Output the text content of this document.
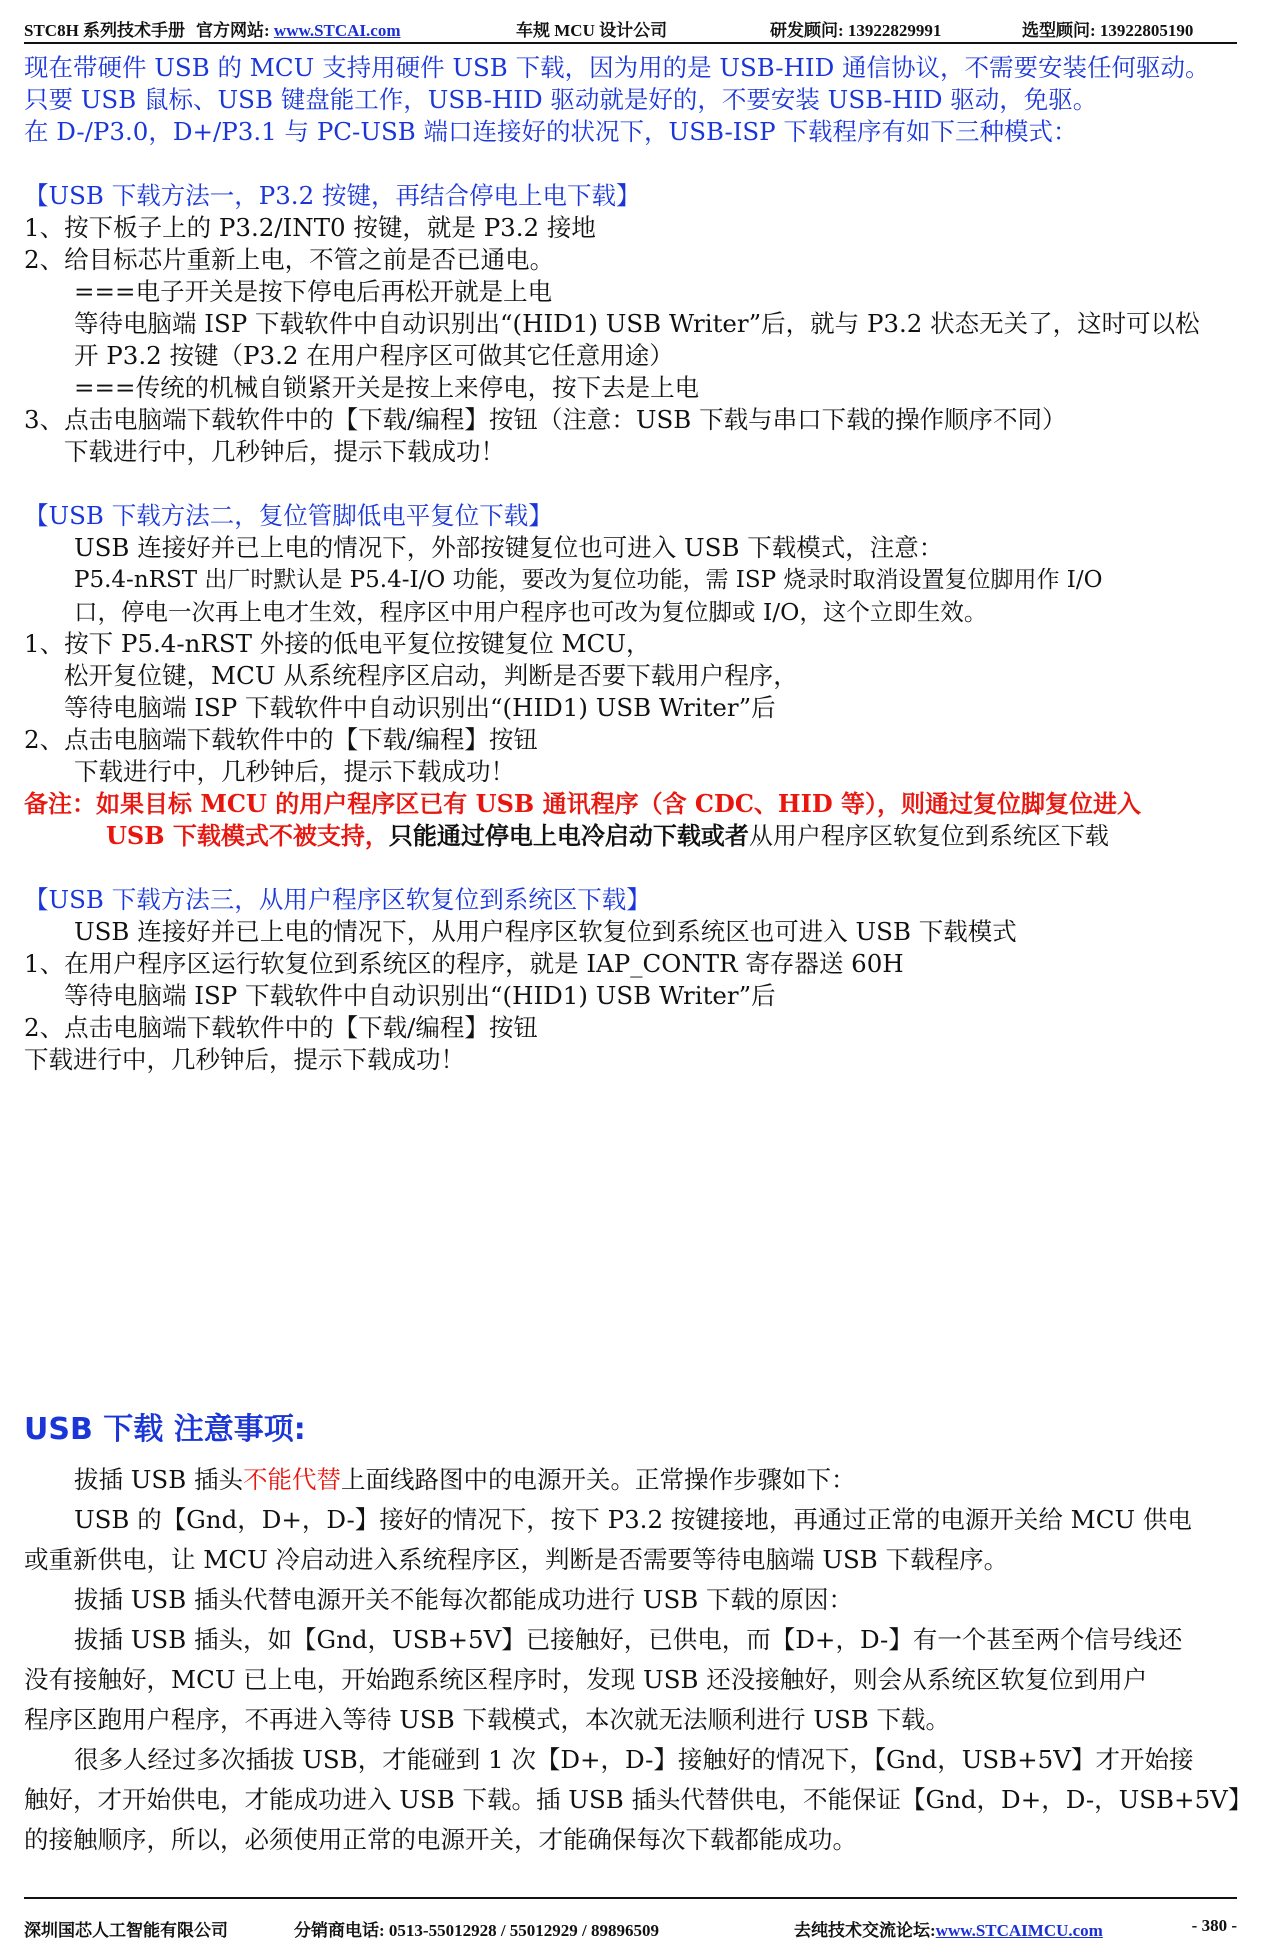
STC8H 系列技术手册 官方网站: www.STCAI.com	车规 MCU 设计公司	研发顾问: 13922829991	选型顾问: 13922805190
现在带硬件 USB 的 MCU 支持用硬件 USB 下载，因为用的是 USB-HID 通信协议，不需要安装任何驱动。
只要 USB 鼠标、USB 键盘能工作，USB-HID 驱动就是好的，不要安装 USB-HID 驱动，免驱。
在 D-/P3.0，D+/P3.1 与 PC-USB 端口连接好的状况下，USB-ISP 下载程序有如下三种模式：
【USB 下载方法一，P3.2 按键，再结合停电上电下载】
1、按下板子上的 P3.2/INT0 按键，就是 P3.2 接地
2、给目标芯片重新上电，不管之前是否已通电。
===电子开关是按下停电后再松开就是上电
等待电脑端 ISP 下载软件中自动识别出“(HID1) USB Writer”后，就与 P3.2 状态无关了，这时可以松
开 P3.2 按键（P3.2 在用户程序区可做其它任意用途）
===传统的机械自锁紧开关是按上来停电，按下去是上电
3、点击电脑端下载软件中的【下载/编程】按钮（注意：USB 下载与串口下载的操作顺序不同）
下载进行中，几秒钟后，提示下载成功！
【USB 下载方法二，复位管脚低电平复位下载】
USB 连接好并已上电的情况下，外部按键复位也可进入 USB 下载模式，注意：
P5.4-nRST 出厂时默认是 P5.4-I/O 功能，要改为复位功能，需 ISP 烧录时取消设置复位脚用作 I/O
口，停电一次再上电才生效，程序区中用户程序也可改为复位脚或 I/O，这个立即生效。
1、按下 P5.4-nRST 外接的低电平复位按键复位 MCU，
松开复位键，MCU 从系统程序区启动，判断是否要下载用户程序，
等待电脑端 ISP 下载软件中自动识别出“(HID1) USB Writer”后
2、点击电脑端下载软件中的【下载/编程】按钮
下载进行中，几秒钟后，提示下载成功！
备注：如果目标 MCU 的用户程序区已有 USB 通讯程序（含 CDC、HID 等），则通过复位脚复位进入
USB 下载模式不被支持，只能通过停电上电冷启动下载或者从用户程序区软复位到系统区下载
【USB 下载方法三，从用户程序区软复位到系统区下载】
USB 连接好并已上电的情况下，从用户程序区软复位到系统区也可进入 USB 下载模式
1、在用户程序区运行软复位到系统区的程序，就是 IAP_CONTR 寄存器送 60H
等待电脑端 ISP 下载软件中自动识别出“(HID1) USB Writer”后
2、点击电脑端下载软件中的【下载/编程】按钮
下载进行中，几秒钟后，提示下载成功！
USB 下载 注意事项:
拔插 USB 插头不能代替上面线路图中的电源开关。正常操作步骤如下：
USB 的【Gnd，D+，D-】接好的情况下，按下 P3.2 按键接地，再通过正常的电源开关给 MCU 供电
或重新供电，让 MCU 冷启动进入系统程序区，判断是否需要等待电脑端 USB 下载程序。
拔插 USB 插头代替电源开关不能每次都能成功进行 USB 下载的原因：
拔插 USB 插头，如【Gnd，USB+5V】已接触好，已供电，而【D+，D-】有一个甚至两个信号线还
没有接触好，MCU 已上电，开始跑系统区程序时，发现 USB 还没接触好，则会从系统区软复位到用户
程序区跑用户程序，不再进入等待 USB 下载模式，本次就无法顺利进行 USB 下载。
很多人经过多次插拔 USB，才能碰到 1 次【D+，D-】接触好的情况下，【Gnd，USB+5V】才开始接
触好，才开始供电，才能成功进入 USB 下载。插 USB 插头代替供电，不能保证【Gnd，D+，D-，USB+5V】
的接触顺序，所以，必须使用正常的电源开关，才能确保每次下载都能成功。
深圳国芯人工智能有限公司	分销商电话: 0513-55012928 / 55012929 / 89896509	去纯技术交流论坛:www.STCAIMCU.com	- 380 -
